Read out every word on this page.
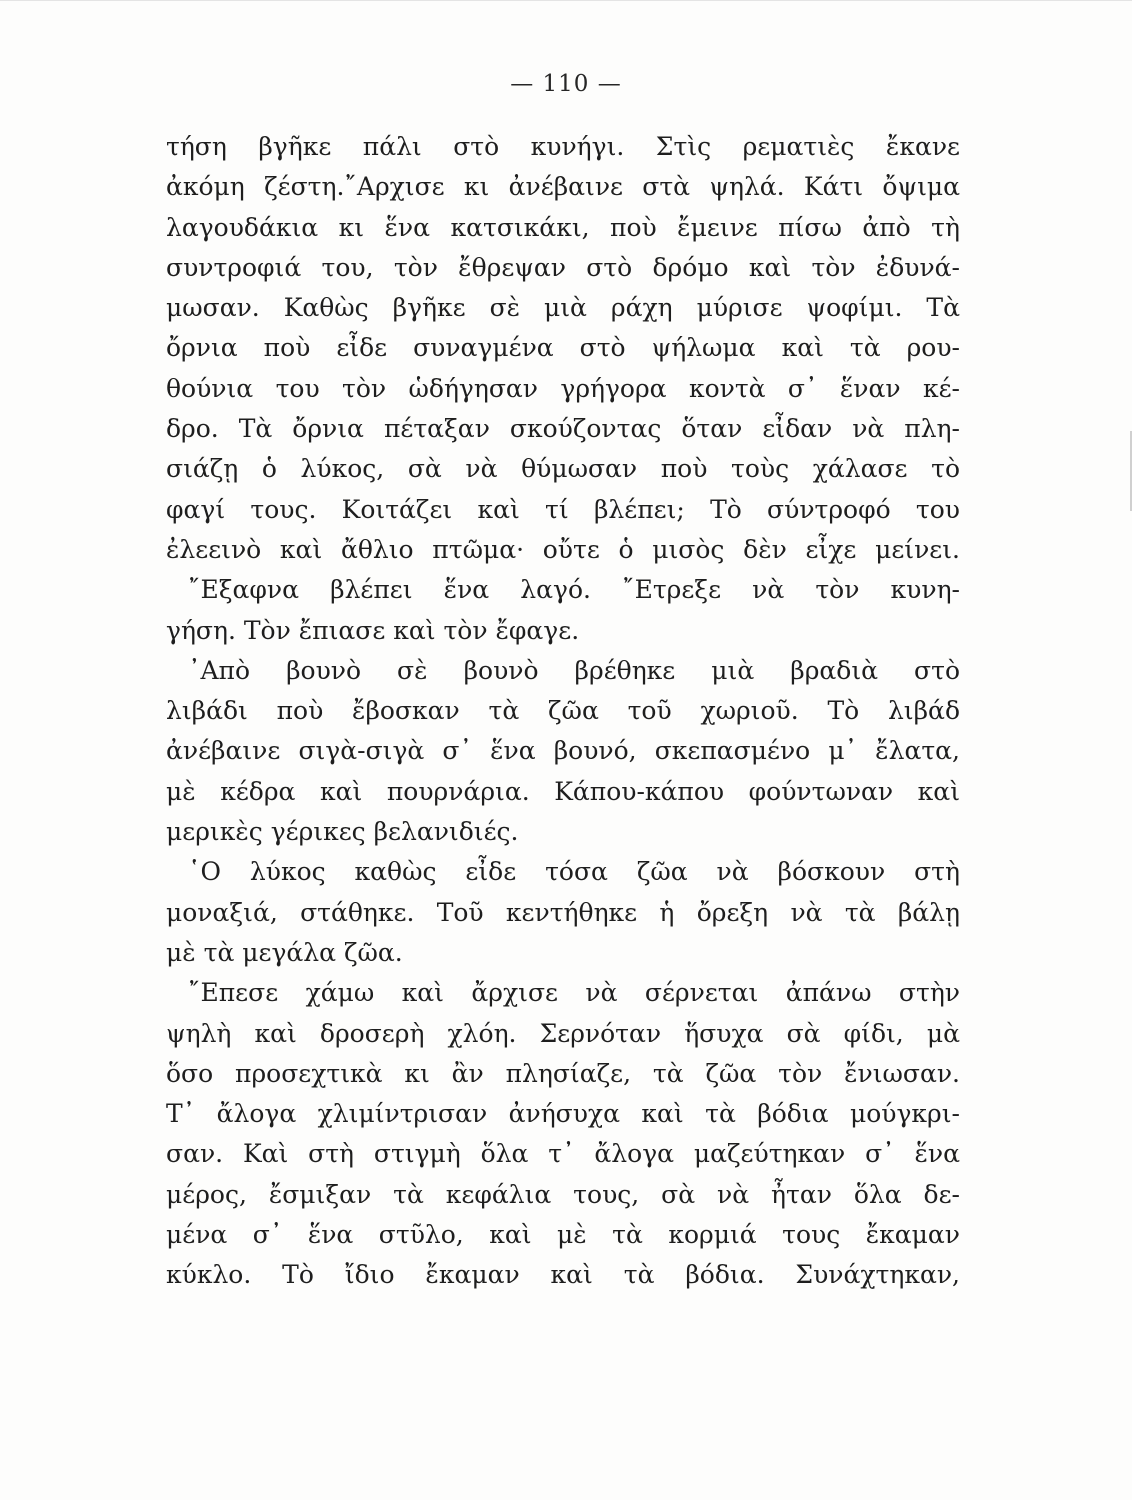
— 110 —
τήση βγῆκε πάλι στὸ κυνήγι. Στὶς ρεματιὲς ἔκανε
ἀκόμη ζέστη.῎Αρχισε κι ἀνέβαινε στὰ ψηλά. Κάτι ὄψιμα
λαγουδάκια κι ἕνα κατσικάκι, ποὺ ἔμεινε πίσω ἀπὸ τὴ
συντροφιά του, τὸν ἔθρεψαν στὸ δρόμο καὶ τὸν ἐδυνά-
μωσαν. Καθὼς βγῆκε σὲ μιὰ ράχη μύρισε ψοφίμι. Τὰ
ὄρνια ποὺ εἶδε συναγμένα στὸ ψήλωμα καὶ τὰ ρου-
θούνια του τὸν ὡδήγησαν γρήγορα κοντὰ σ᾽ ἕναν κέ-
δρο. Τὰ ὄρνια πέταξαν σκούζοντας ὅταν εἶδαν νὰ πλη-
σιάζῃ ὁ λύκος, σὰ νὰ θύμωσαν ποὺ τοὺς χάλασε τὸ
φαγί τους. Κοιτάζει καὶ τί βλέπει; Τὸ σύντροφό του
ἐλεεινὸ καὶ ἄθλιο πτῶμα· οὔτε ὁ μισὸς δὲν εἶχε μείνει.
῎Εξαφνα βλέπει ἕνα λαγό. ῎Ετρεξε νὰ τὸν κυνη-
γήση. Τὸν ἔπιασε καὶ τὸν ἔφαγε.
᾽Απὸ βουνὸ σὲ βουνὸ βρέθηκε μιὰ βραδιὰ στὸ
λιβάδι ποὺ ἔβοσκαν τὰ ζῶα τοῦ χωριοῦ. Τὸ λιβάδ
ἀνέβαινε σιγὰ-σιγὰ σ᾽ ἕνα βουνό, σκεπασμένο μ᾽ ἔλατα,
μὲ κέδρα καὶ πουρνάρια. Κάπου-κάπου φούντωναν καὶ
μερικὲς γέρικες βελανιδιές.
῾Ο λύκος καθὼς εἶδε τόσα ζῶα νὰ βόσκουν στὴ
μοναξιά, στάθηκε. Τοῦ κεντήθηκε ἡ ὄρεξη νὰ τὰ βάλῃ
μὲ τὰ μεγάλα ζῶα.
῎Επεσε χάμω καὶ ἄρχισε νὰ σέρνεται ἀπάνω στὴν
ψηλὴ καὶ δροσερὴ χλόη. Σερνόταν ἥσυχα σὰ φίδι, μὰ
ὅσο προσεχτικὰ κι ἂν πλησίαζε, τὰ ζῶα τὸν ἔνιωσαν.
Τ᾽ ἄλογα χλιμίντρισαν ἀνήσυχα καὶ τὰ βόδια μούγκρι-
σαν. Καὶ στὴ στιγμὴ ὅλα τ᾽ ἄλογα μαζεύτηκαν σ᾽ ἕνα
μέρος, ἔσμιξαν τὰ κεφάλια τους, σὰ νὰ ἦταν ὅλα δε-
μένα σ᾽ ἕνα στῦλο, καὶ μὲ τὰ κορμιά τους ἔκαμαν
κύκλο. Τὸ ἴδιο ἔκαμαν καὶ τὰ βόδια. Συνάχτηκαν,
